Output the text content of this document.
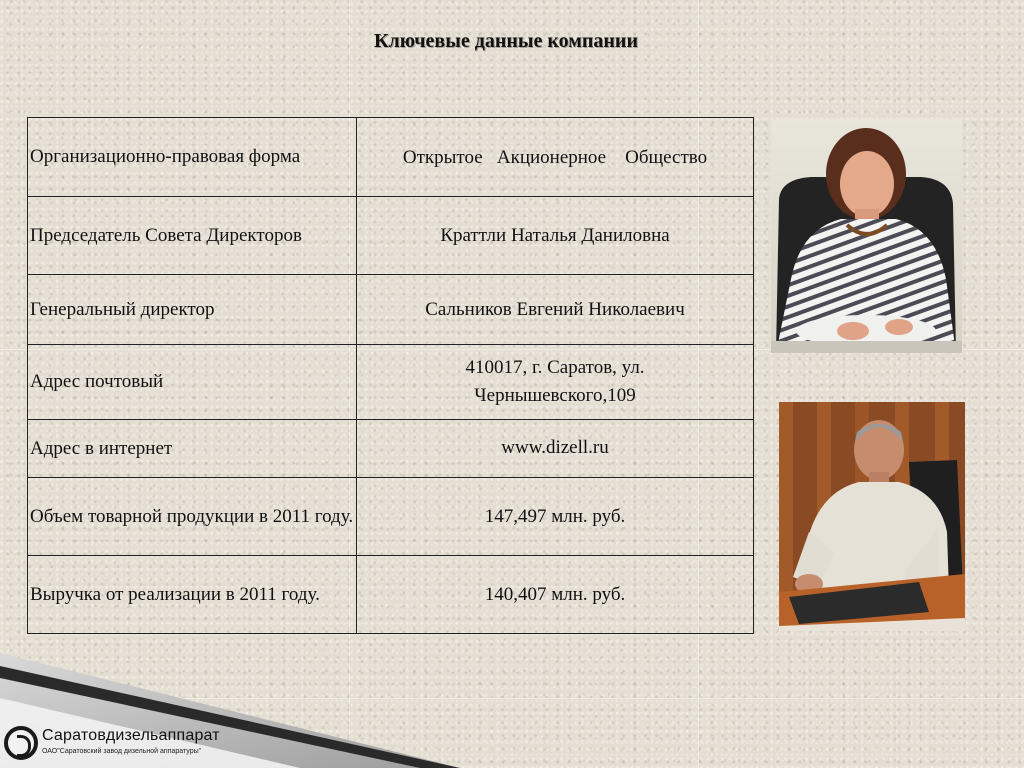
Ключевые данные компании
Организационно-правовая форма	Открытое   Акционерное    Общество
Председатель Совета Директоров	Краттли Наталья Даниловна
Генеральный директор	Сальников Евгений Николаевич
Адрес почтовый	410017, г. Саратов, ул. Чернышевского,109
Адрес в интернет	www.dizell.ru
Объем товарной продукции в 2011 году.	147,497 млн. руб.
Выручка от реализации в 2011 году.	140,407 млн. руб.
Саратовдизельаппарат
ОАО"Саратовский завод дизельной аппаратуры"
